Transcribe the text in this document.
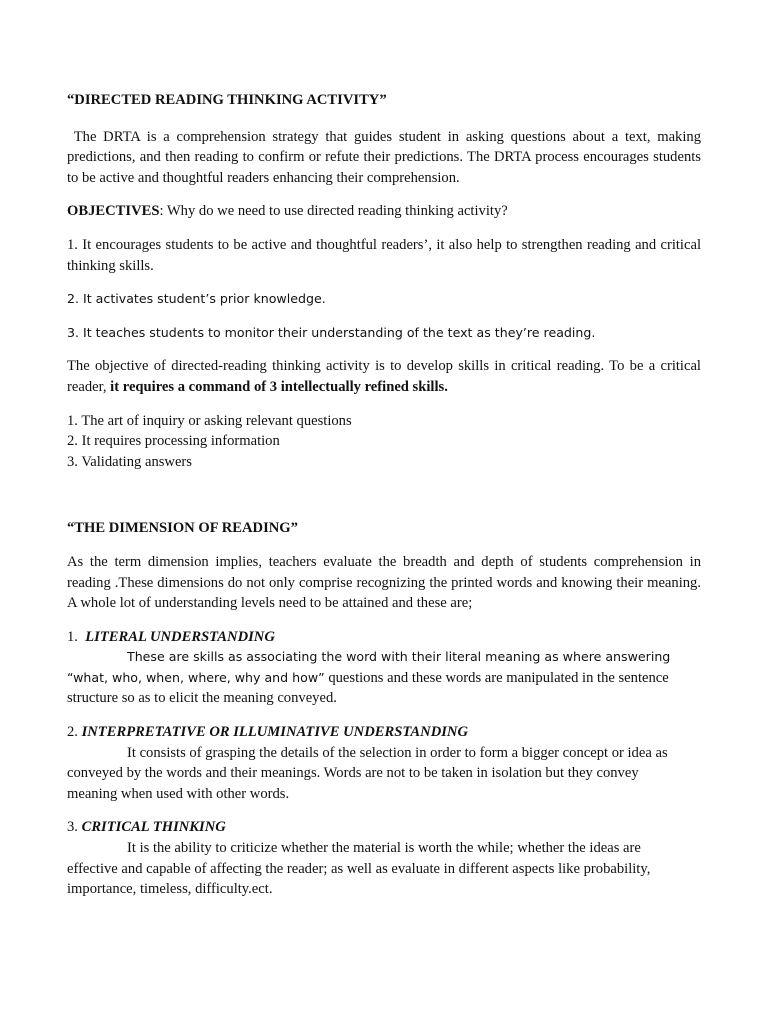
“DIRECTED READING THINKING ACTIVITY”

The DRTA is a comprehension strategy that guides student in asking questions about a text, making predictions, and then reading to confirm or refute their predictions. The DRTA process encourages students to be active and thoughtful readers enhancing their comprehension.

OBJECTIVES: Why do we need to use directed reading thinking activity?

1. It encourages students to be active and thoughtful readers’, it also help to strengthen reading and critical thinking skills.

2. It activates student’s prior knowledge.

3. It teaches students to monitor their understanding of the text as they’re reading.

The objective of directed-reading thinking activity is to develop skills in critical reading. To be a critical reader, it requires a command of 3 intellectually refined skills.

1. The art of inquiry or asking relevant questions

2. It requires processing information

3. Validating answers

“THE DIMENSION OF READING”

As the term dimension implies, teachers evaluate the breadth and depth of students comprehension in reading .These dimensions do not only comprise recognizing the printed words and knowing their meaning. A whole lot of understanding levels need to be attained and these are;

1.  LITERAL UNDERSTANDING

These are skills as associating the word with their literal meaning as where answering “what, who, when, where, why and how” questions and these words are manipulated in the sentence structure so as to elicit the meaning conveyed.

2. INTERPRETATIVE OR ILLUMINATIVE UNDERSTANDING

It consists of grasping the details of the selection in order to form a bigger concept or idea as conveyed by the words and their meanings. Words are not to be taken in isolation but they convey meaning when used with other words.

3. CRITICAL THINKING

It is the ability to criticize whether the material is worth the while; whether the ideas are effective and capable of affecting the reader; as well as evaluate in different aspects like probability, importance, timeless, difficulty.ect.
